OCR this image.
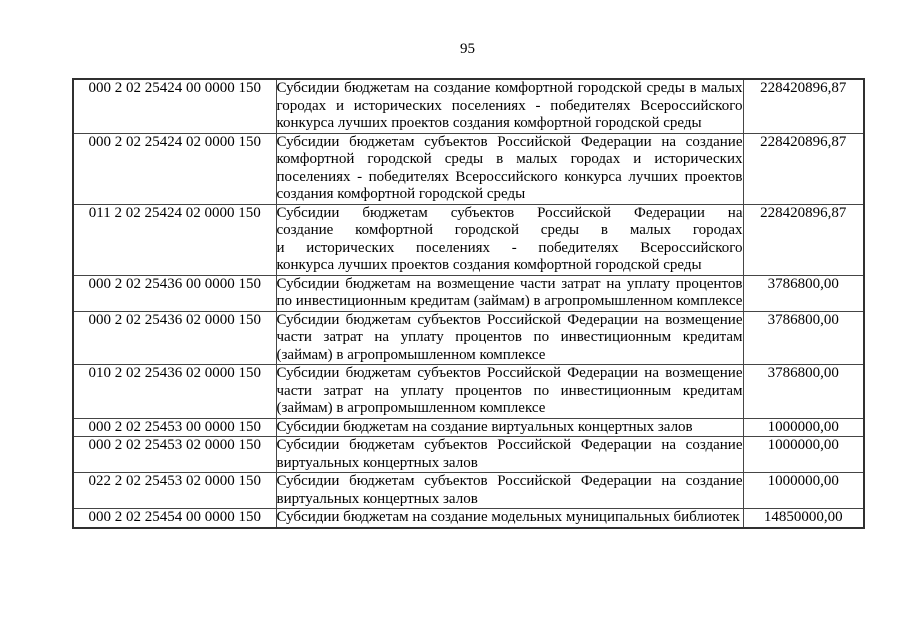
95
000 2 02 25424 00 0000 150	Субсидии бюджетам на создание комфортной городской среды в малых городах и исторических поселениях - победителях Всероссийского конкурса лучших проектов создания комфортной городской среды	228420896,87
000 2 02 25424 02 0000 150	Субсидии бюджетам субъектов Российской Федерации на создание комфортной городской среды в малых городах и исторических поселениях - победителях Всероссийского конкурса лучших проектов создания комфортной городской среды	228420896,87
011 2 02 25424 02 0000 150	Субсидии бюджетам субъектов Российской Федерации на создание комфортной городской среды в малых городах и исторических поселениях - победителях Всероссийского конкурса лучших проектов создания комфортной городской среды	228420896,87
000 2 02 25436 00 0000 150	Субсидии бюджетам на возмещение части затрат на уплату процентов по инвестиционным кредитам (займам) в агропромышленном комплексе	3786800,00
000 2 02 25436 02 0000 150	Субсидии бюджетам субъектов Российской Федерации на возмещение части затрат на уплату процентов по инвестиционным кредитам (займам) в агропромышленном комплексе	3786800,00
010 2 02 25436 02 0000 150	Субсидии бюджетам субъектов Российской Федерации на возмещение части затрат на уплату процентов по инвестиционным кредитам (займам) в агропромышленном комплексе	3786800,00
000 2 02 25453 00 0000 150	Субсидии бюджетам на создание виртуальных концертных залов	1000000,00
000 2 02 25453 02 0000 150	Субсидии бюджетам субъектов Российской Федерации на создание виртуальных концертных залов	1000000,00
022 2 02 25453 02 0000 150	Субсидии бюджетам субъектов Российской Федерации на создание виртуальных концертных залов	1000000,00
000 2 02 25454 00 0000 150	Субсидии бюджетам на создание модельных муниципальных библиотек	14850000,00
